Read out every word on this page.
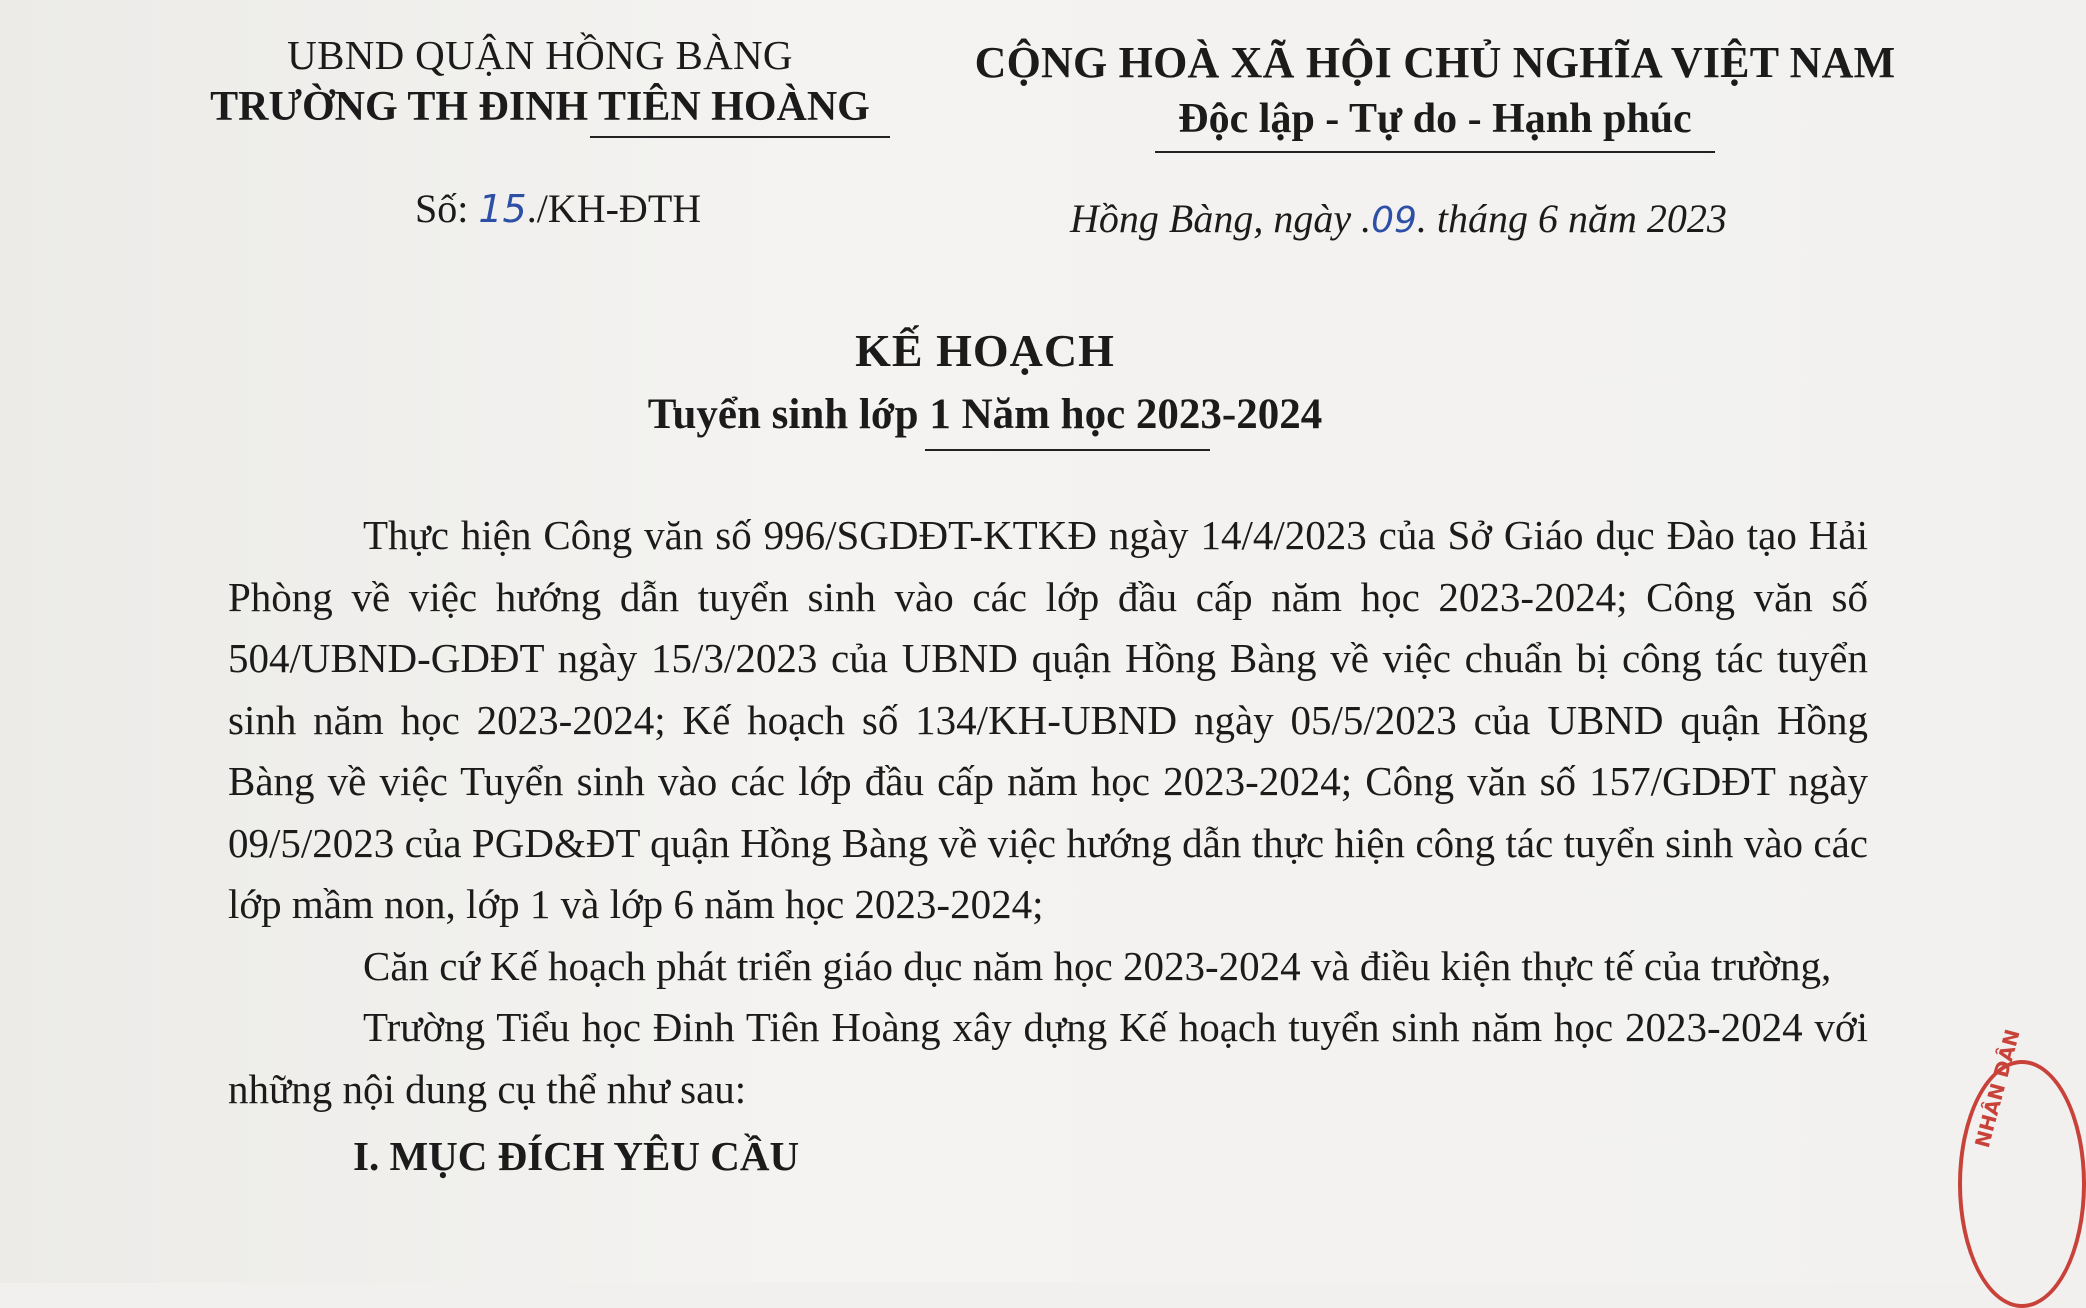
UBND QUẬN HỒNG BÀNG
TRƯỜNG TH ĐINH TIÊN HOÀNG
CỘNG HOÀ XÃ HỘI CHỦ NGHĨA VIỆT NAM
Độc lập - Tự do - Hạnh phúc
Số: 15./KH-ĐTH	Hồng Bàng, ngày .09. tháng 6 năm 2023
KẾ HOẠCH
Tuyển sinh lớp 1 Năm học 2023-2024

Thực hiện Công văn số 996/SGDĐT-KTKĐ ngày 14/4/2023 của Sở Giáo dục Đào tạo Hải Phòng về việc hướng dẫn tuyển sinh vào các lớp đầu cấp năm học 2023-2024; Công văn số 504/UBND-GDĐT ngày 15/3/2023 của UBND quận Hồng Bàng về việc chuẩn bị công tác tuyển sinh năm học 2023-2024; Kế hoạch số 134/KH-UBND ngày 05/5/2023 của UBND quận Hồng Bàng về việc Tuyển sinh vào các lớp đầu cấp năm học 2023-2024; Công văn số 157/GDĐT ngày 09/5/2023 của PGD&ĐT quận Hồng Bàng về việc hướng dẫn thực hiện công tác tuyển sinh vào các lớp mầm non, lớp 1 và lớp 6 năm học 2023-2024;

Căn cứ Kế hoạch phát triển giáo dục năm học 2023-2024 và điều kiện thực tế của trường,

Trường Tiểu học Đinh Tiên Hoàng xây dựng Kế hoạch tuyển sinh năm học 2023-2024 với những nội dung cụ thể như sau:

I. MỤC ĐÍCH YÊU CẦU

NHÂN DÂN
